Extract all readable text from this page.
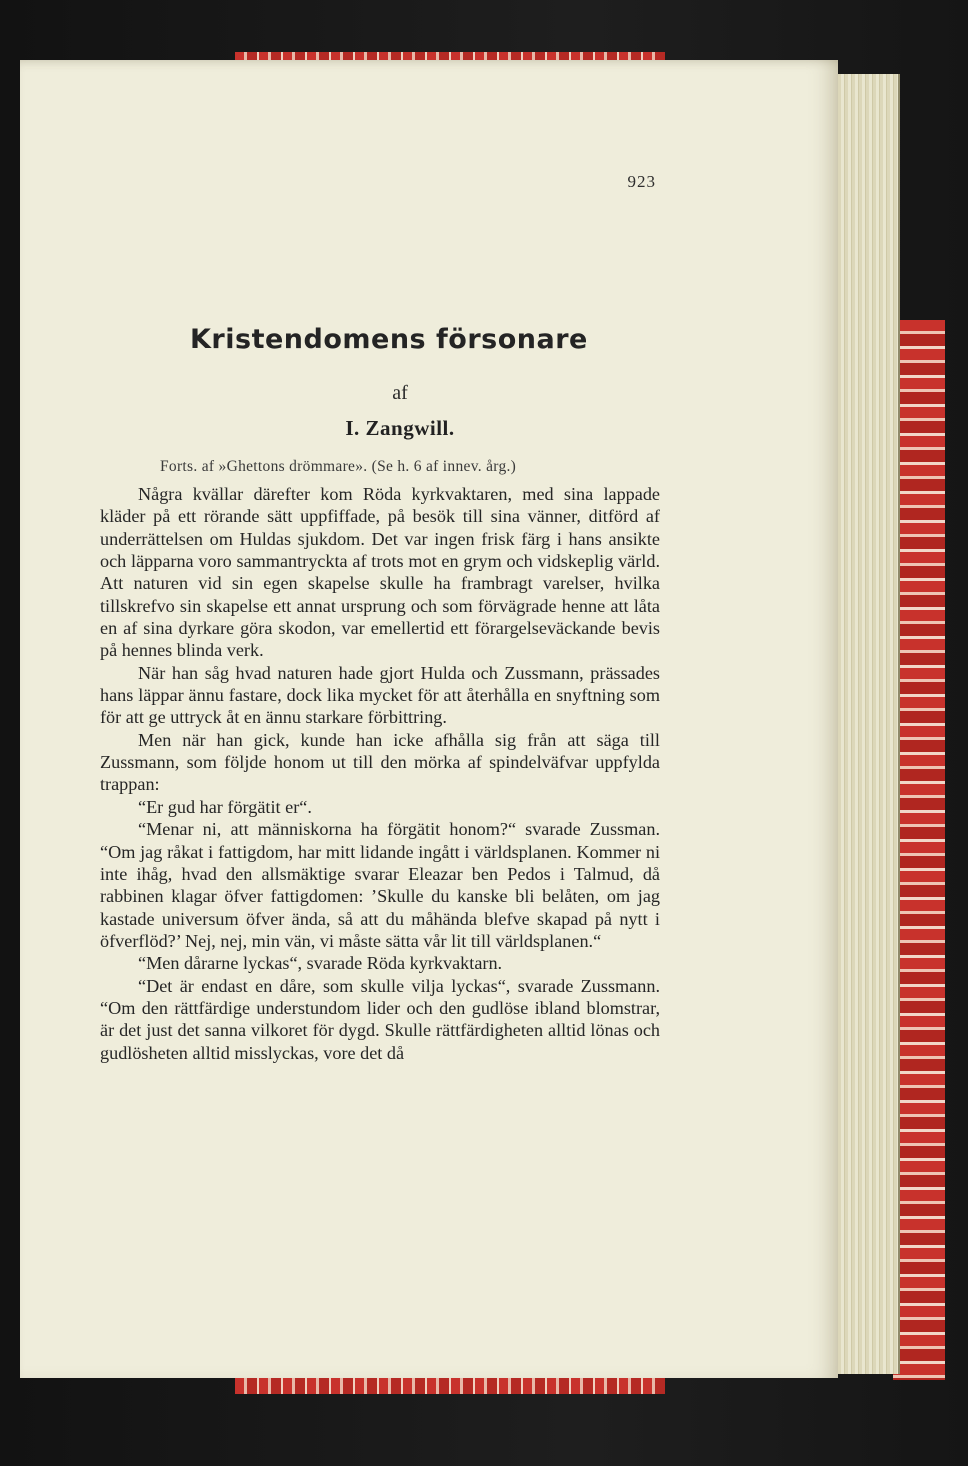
923
Kristendomens försonare
af
I. Zangwill.
Forts. af »Ghettons drömmare». (Se h. 6 af innev. årg.)

Några kvällar därefter kom Röda kyrkvaktaren, med sina lappade kläder på ett rörande sätt uppfiffade, på besök till sina vänner, ditförd af underrättelsen om Huldas sjukdom. Det var ingen frisk färg i hans ansikte och läpparna voro sammantryckta af trots mot en grym och vidskeplig värld. Att naturen vid sin egen skapelse skulle ha frambragt varelser, hvilka tillskrefvo sin skapelse ett annat ursprung och som förvägrade henne att låta en af sina dyrkare göra skodon, var emellertid ett förargelseväckande bevis på hennes blinda verk.

När han såg hvad naturen hade gjort Hulda och Zussmann, prässades hans läppar ännu fastare, dock lika mycket för att återhålla en snyftning som för att ge uttryck åt en ännu starkare förbittring.

Men när han gick, kunde han icke afhålla sig från att säga till Zussmann, som följde honom ut till den mörka af spindelväfvar uppfylda trappan:

“Er gud har förgätit er“.

“Menar ni, att människorna ha förgätit honom?“ svarade Zussman. “Om jag råkat i fattigdom, har mitt lidande ingått i världsplanen. Kommer ni inte ihåg, hvad den allsmäktige svarar Eleazar ben Pedos i Talmud, då rabbinen klagar öfver fattigdomen: ’Skulle du kanske bli belåten, om jag kastade universum öfver ända, så att du måhända blefve skapad på nytt i öfverflöd?’ Nej, nej, min vän, vi måste sätta vår lit till världsplanen.“

“Men dårarne lyckas“, svarade Röda kyrkvaktarn.

“Det är endast en dåre, som skulle vilja lyckas“, svarade Zussmann. “Om den rättfärdige understundom lider och den gudlöse ibland blomstrar, är det just det sanna vilkoret för dygd. Skulle rättfärdigheten alltid lönas och gudlösheten alltid misslyckas, vore det då
